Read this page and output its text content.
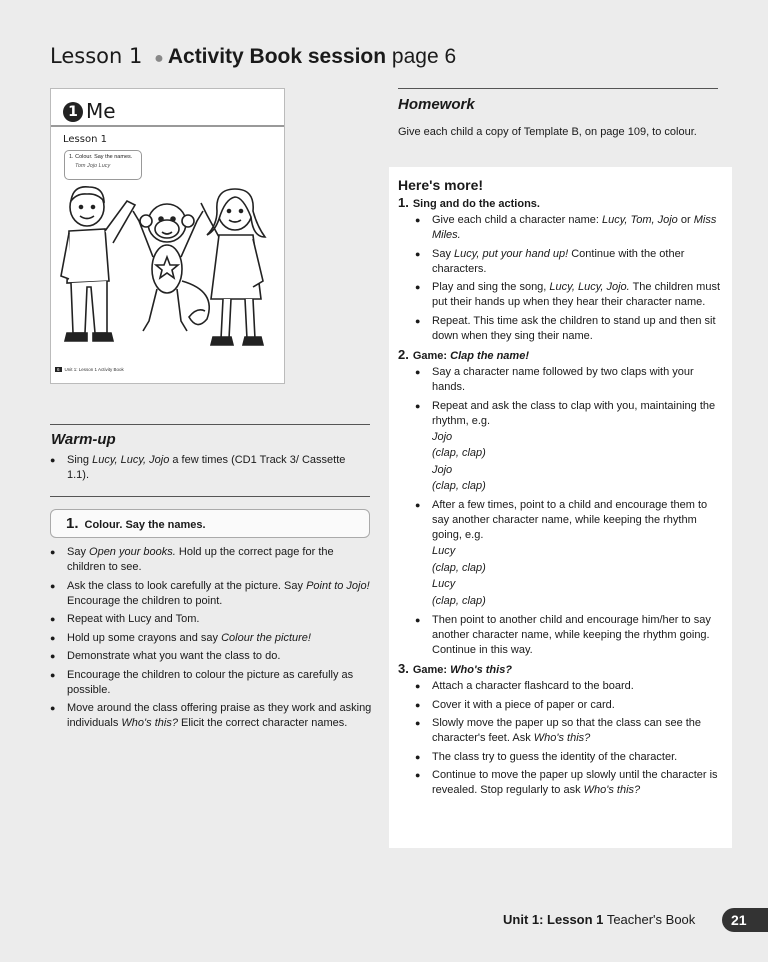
Lesson 1 ● Activity Book session page 6
1 Me
Lesson 1
1. Colour. Say the names.
Tom Jojo Lucy
6 Unit 1: Lesson 1 Activity Book
Warm-up
● Sing Lucy, Lucy, Jojo a few times (CD1 Track 3/ Cassette 1.1).
1. Colour. Say the names.
● Say Open your books. Hold up the correct page for the children to see.
● Ask the class to look carefully at the picture. Say Point to Jojo! Encourage the children to point.
● Repeat with Lucy and Tom.
● Hold up some crayons and say Colour the picture!
● Demonstrate what you want the class to do.
● Encourage the children to colour the picture as carefully as possible.
● Move around the class offering praise as they work and asking individuals Who's this? Elicit the correct character names.
Homework
Give each child a copy of Template B, on page 109, to colour.
Here's more!
1. Sing and do the actions.
● Give each child a character name: Lucy, Tom, Jojo or Miss Miles.
● Say Lucy, put your hand up! Continue with the other characters.
● Play and sing the song, Lucy, Lucy, Jojo. The children must put their hands up when they hear their character name.
● Repeat. This time ask the children to stand up and then sit down when they sing their name.
2. Game: Clap the name!
● Say a character name followed by two claps with your hands.
● Repeat and ask the class to clap with you, maintaining the rhythm, e.g.
Jojo
(clap, clap)
Jojo
(clap, clap)
● After a few times, point to a child and encourage them to say another character name, while keeping the rhythm going, e.g.
Lucy
(clap, clap)
Lucy
(clap, clap)
● Then point to another child and encourage him/her to say another character name, while keeping the rhythm going. Continue in this way.
3. Game: Who's this?
● Attach a character flashcard to the board.
● Cover it with a piece of paper or card.
● Slowly move the paper up so that the class can see the character's feet. Ask Who's this?
● The class try to guess the identity of the character.
● Continue to move the paper up slowly until the character is revealed. Stop regularly to ask Who's this?
Unit 1: Lesson 1 Teacher's Book	21
